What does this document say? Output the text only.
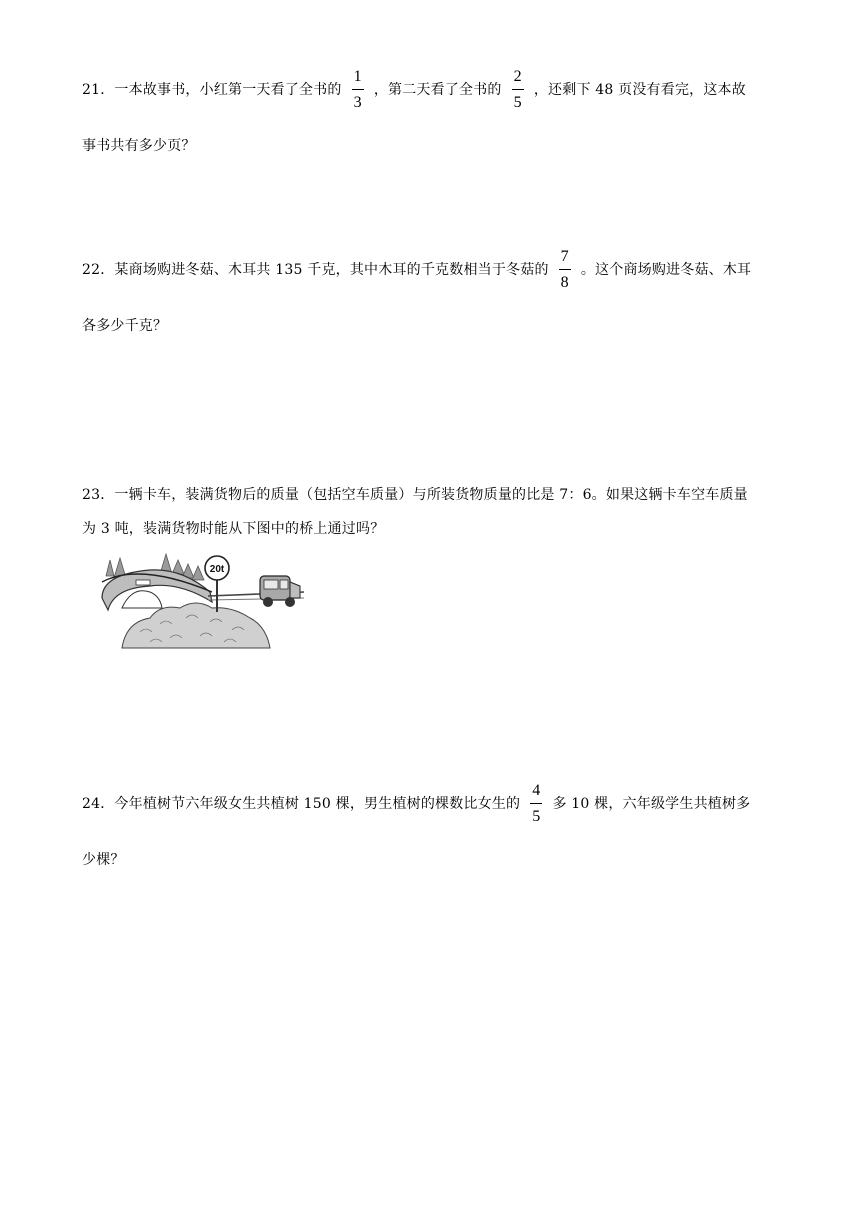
21．一本故事书，小红第一天看了全书的 $\frac{1}{3}$ ，第二天看了全书的 $\frac{2}{5}$ ，还剩下 48 页没有看完，这本故
事书共有多少页？
22．某商场购进冬菇、木耳共 135 千克，其中木耳的千克数相当于冬菇的 $\frac{7}{8}$ 。这个商场购进冬菇、木耳
各多少千克？
23．一辆卡车，装满货物后的质量（包括空车质量）与所装货物质量的比是 7：6。如果这辆卡车空车质量
为 3 吨，装满货物时能从下图中的桥上通过吗？
20t
24．今年植树节六年级女生共植树 150 棵，男生植树的棵数比女生的 $\frac{4}{5}$ 多 10 棵，六年级学生共植树多
少棵？
